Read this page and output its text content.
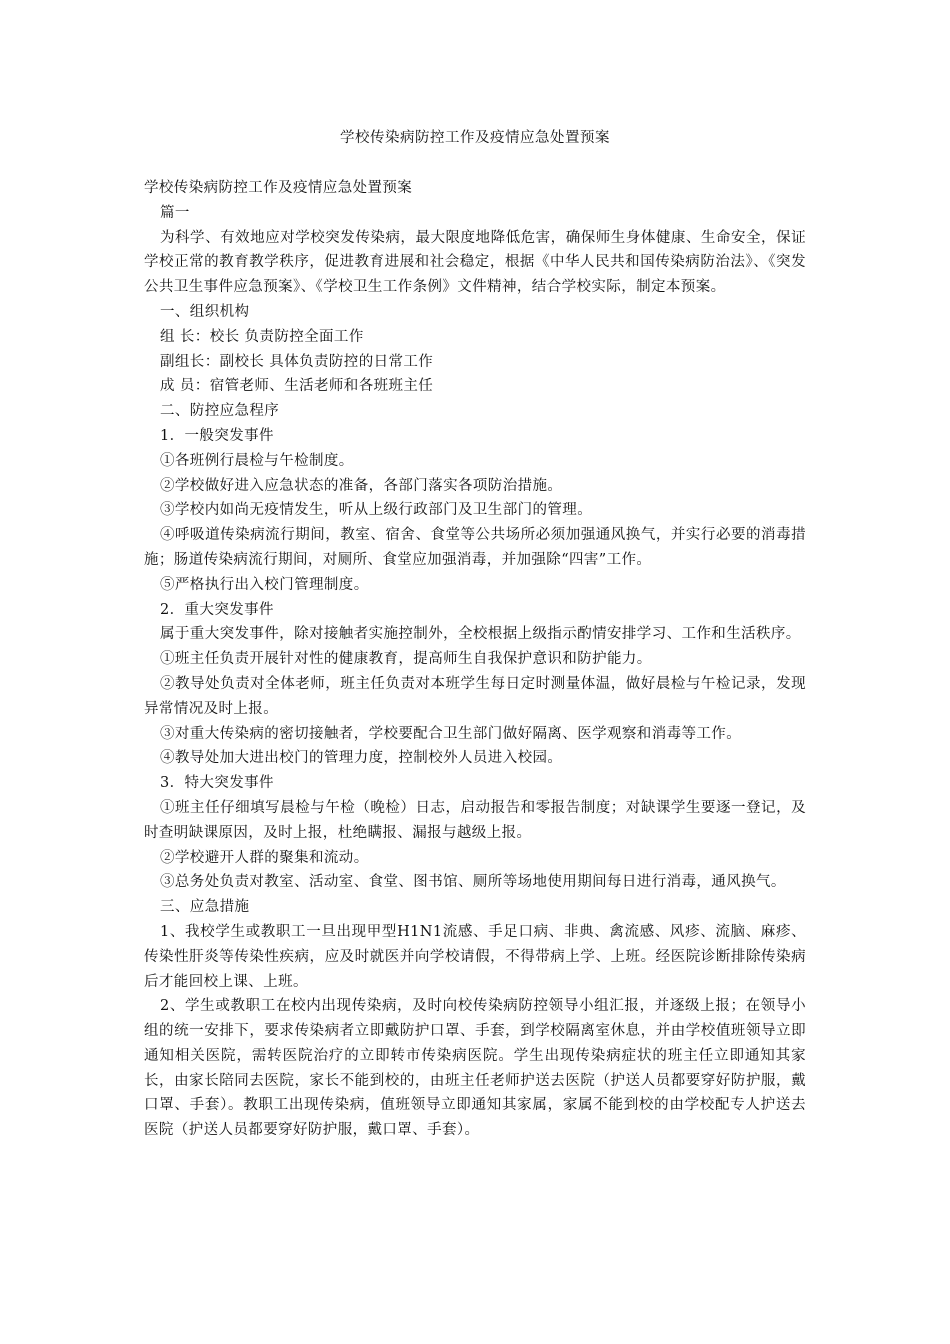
学校传染病防控工作及疫情应急处置预案

学校传染病防控工作及疫情应急处置预案

篇一

为科学、有效地应对学校突发传染病，最大限度地降低危害，确保师生身体健康、生命安全，保证学校正常的教育教学秩序，促进教育进展和社会稳定，根据《中华人民共和国传染病防治法》、《突发公共卫生事件应急预案》、《学校卫生工作条例》文件精神，结合学校实际，制定本预案。

一、组织机构

组 长：校长 负责防控全面工作

副组长：副校长 具体负责防控的日常工作

成 员：宿管老师、生活老师和各班班主任

二、防控应急程序

1．一般突发事件

①各班例行晨检与午检制度。

②学校做好进入应急状态的准备，各部门落实各项防治措施。

③学校内如尚无疫情发生，听从上级行政部门及卫生部门的管理。

④呼吸道传染病流行期间，教室、宿舍、食堂等公共场所必须加强通风换气，并实行必要的消毒措施；肠道传染病流行期间，对厕所、食堂应加强消毒，并加强除“四害”工作。

⑤严格执行出入校门管理制度。

2．重大突发事件

属于重大突发事件，除对接触者实施控制外，全校根据上级指示酌情安排学习、工作和生活秩序。

①班主任负责开展针对性的健康教育，提高师生自我保护意识和防护能力。

②教导处负责对全体老师，班主任负责对本班学生每日定时测量体温，做好晨检与午检记录，发现异常情况及时上报。

③对重大传染病的密切接触者，学校要配合卫生部门做好隔离、医学观察和消毒等工作。

④教导处加大进出校门的管理力度，控制校外人员进入校园。

3．特大突发事件

①班主任仔细填写晨检与午检（晚检）日志，启动报告和零报告制度；对缺课学生要逐一登记，及时查明缺课原因，及时上报，杜绝瞒报、漏报与越级上报。

②学校避开人群的聚集和流动。

③总务处负责对教室、活动室、食堂、图书馆、厕所等场地使用期间每日进行消毒，通风换气。

三、应急措施

1、我校学生或教职工一旦出现甲型H1N1流感、手足口病、非典、禽流感、风疹、流脑、麻疹、传染性肝炎等传染性疾病，应及时就医并向学校请假，不得带病上学、上班。经医院诊断排除传染病后才能回校上课、上班。

2、学生或教职工在校内出现传染病，及时向校传染病防控领导小组汇报，并逐级上报；在领导小组的统一安排下，要求传染病者立即戴防护口罩、手套，到学校隔离室休息，并由学校值班领导立即通知相关医院，需转医院治疗的立即转市传染病医院。学生出现传染病症状的班主任立即通知其家长，由家长陪同去医院，家长不能到校的，由班主任老师护送去医院（护送人员都要穿好防护服，戴口罩、手套）。教职工出现传染病，值班领导立即通知其家属，家属不能到校的由学校配专人护送去医院（护送人员都要穿好防护服，戴口罩、手套）。
